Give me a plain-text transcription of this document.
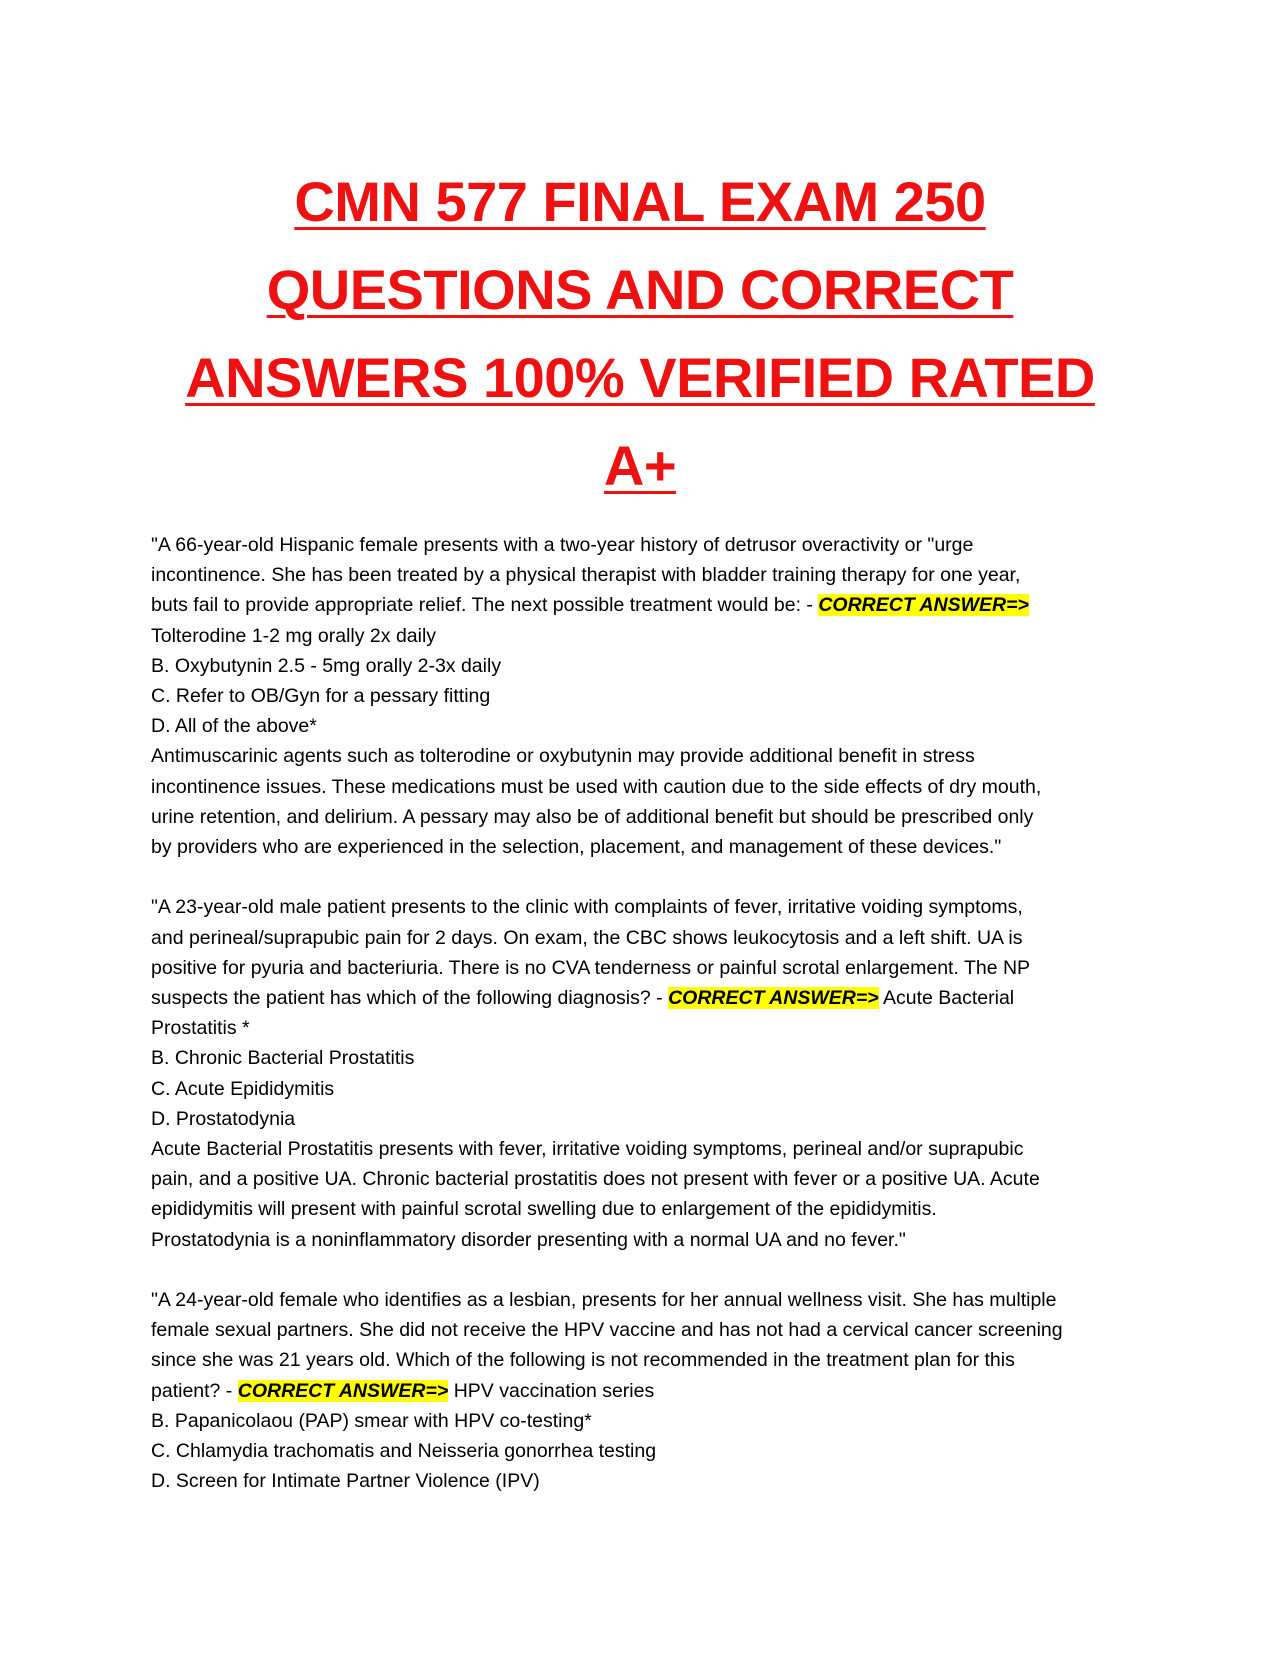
CMN 577 FINAL EXAM 250 QUESTIONS AND CORRECT ANSWERS 100% VERIFIED RATED A+
"A 66-year-old Hispanic female presents with a two-year history of detrusor overactivity or "urge
incontinence. She has been treated by a physical therapist with bladder training therapy for one year,
buts fail to provide appropriate relief. The next possible treatment would be: - CORRECT ANSWER=>
Tolterodine 1-2 mg orally 2x daily
B. Oxybutynin 2.5 - 5mg orally 2-3x daily
C. Refer to OB/Gyn for a pessary fitting
D. All of the above*
Antimuscarinic agents such as tolterodine or oxybutynin may provide additional benefit in stress
incontinence issues. These medications must be used with caution due to the side effects of dry mouth,
urine retention, and delirium. A pessary may also be of additional benefit but should be prescribed only
by providers who are experienced in the selection, placement, and management of these devices."
"A 23-year-old male patient presents to the clinic with complaints of fever, irritative voiding symptoms,
and perineal/suprapubic pain for 2 days. On exam, the CBC shows leukocytosis and a left shift. UA is
positive for pyuria and bacteriuria. There is no CVA tenderness or painful scrotal enlargement. The NP
suspects the patient has which of the following diagnosis? - CORRECT ANSWER=> Acute Bacterial
Prostatitis *
B. Chronic Bacterial Prostatitis
C. Acute Epididymitis
D. Prostatodynia
Acute Bacterial Prostatitis presents with fever, irritative voiding symptoms, perineal and/or suprapubic
pain, and a positive UA. Chronic bacterial prostatitis does not present with fever or a positive UA. Acute
epididymitis will present with painful scrotal swelling due to enlargement of the epididymitis.
Prostatodynia is a noninflammatory disorder presenting with a normal UA and no fever."
"A 24-year-old female who identifies as a lesbian, presents for her annual wellness visit. She has multiple
female sexual partners. She did not receive the HPV vaccine and has not had a cervical cancer screening
since she was 21 years old. Which of the following is not recommended in the treatment plan for this
patient? - CORRECT ANSWER=> HPV vaccination series
B. Papanicolaou (PAP) smear with HPV co-testing*
C. Chlamydia trachomatis and Neisseria gonorrhea testing
D. Screen for Intimate Partner Violence (IPV)
